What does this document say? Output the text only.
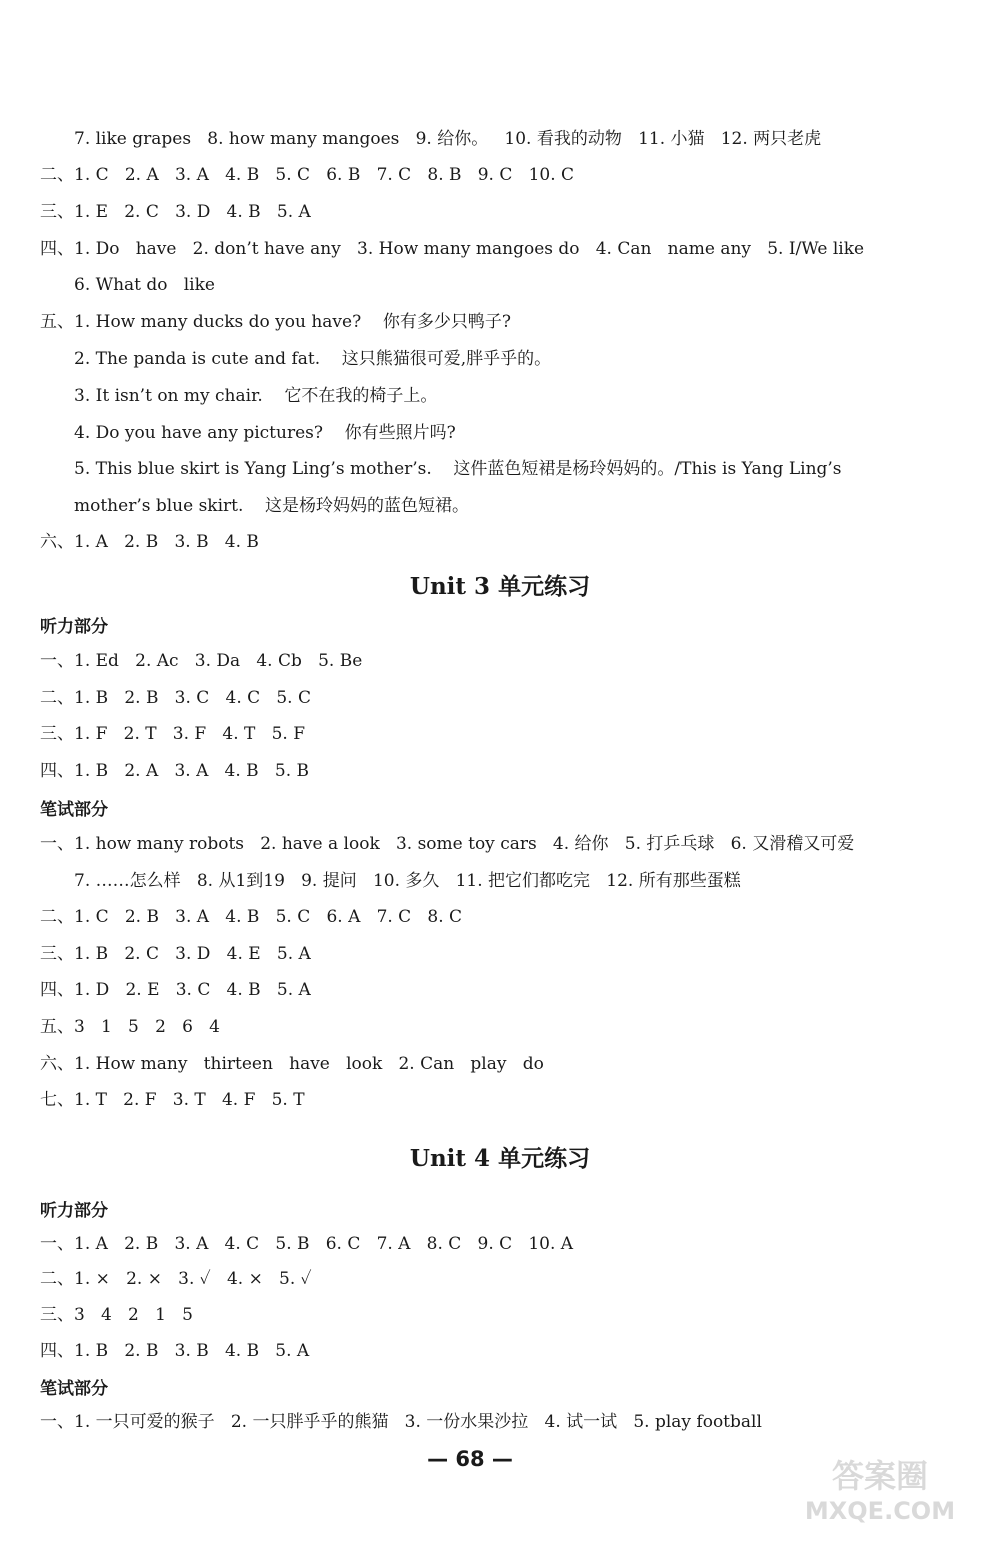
7. like grapes   8. how many mangoes   9. 给你。   10. 看我的动物   11. 小猫   12. 两只老虎
二、1. C   2. A   3. A   4. B   5. C   6. B   7. C   8. B   9. C   10. C
三、1. E   2. C   3. D   4. B   5. A
四、1. Do   have   2. don’t have any   3. How many mangoes do   4. Can   name any   5. I/We like
6. What do   like
五、1. How many ducks do you have?    你有多少只鸭子?
2. The panda is cute and fat.    这只熊猫很可爱,胖乎乎的。
3. It isn’t on my chair.    它不在我的椅子上。
4. Do you have any pictures?    你有些照片吗?
5. This blue skirt is Yang Ling’s mother’s.    这件蓝色短裙是杨玲妈妈的。/This is Yang Ling’s
mother’s blue skirt.    这是杨玲妈妈的蓝色短裙。
六、1. A   2. B   3. B   4. B
一、1. Ed   2. Ac   3. Da   4. Cb   5. Be
二、1. B   2. B   3. C   4. C   5. C
三、1. F   2. T   3. F   4. T   5. F
四、1. B   2. A   3. A   4. B   5. B
一、1. how many robots   2. have a look   3. some toy cars   4. 给你   5. 打乒乓球   6. 又滑稽又可爱
7. ……怎么样   8. 从1到19   9. 提问   10. 多久   11. 把它们都吃完   12. 所有那些蛋糕
二、1. C   2. B   3. A   4. B   5. C   6. A   7. C   8. C
三、1. B   2. C   3. D   4. E   5. A
四、1. D   2. E   3. C   4. B   5. A
五、3   1   5   2   6   4
六、1. How many   thirteen   have   look   2. Can   play   do
七、1. T   2. F   3. T   4. F   5. T
一、1. A   2. B   3. A   4. C   5. B   6. C   7. A   8. C   9. C   10. A
二、1. ×   2. ×   3. ✓   4. ×   5. ✓
三、3   4   2   1   5
四、1. B   2. B   3. B   4. B   5. A
一、1. 一只可爱的猴子   2. 一只胖乎乎的熊猫   3. 一份水果沙拉   4. 试一试   5. play football
Unit 3 单元练习
听力部分
笔试部分
Unit 4 单元练习
听力部分
笔试部分
— 68 —	答案圈
MXQE.COM
